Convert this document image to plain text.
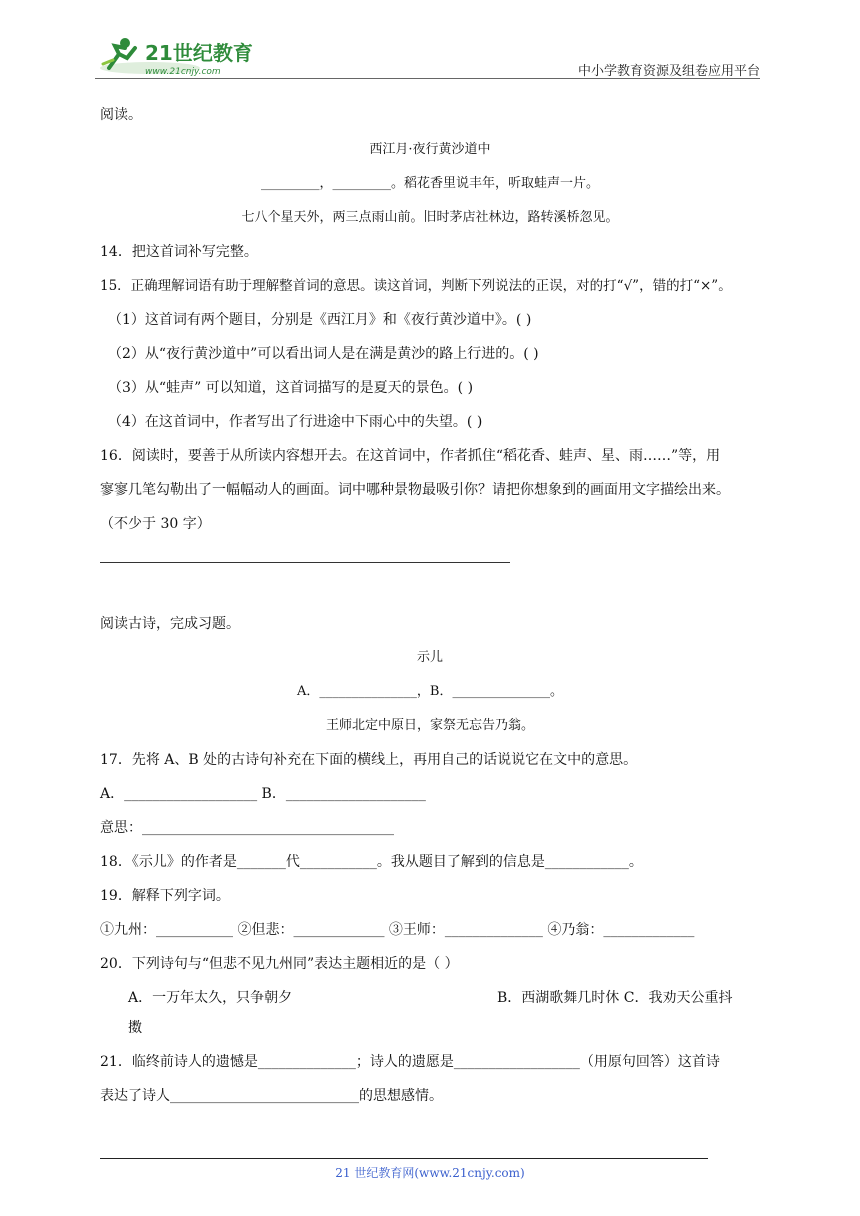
21世纪教育
www.21cnjy.com	中小学教育资源及组卷应用平台
阅读。
西江月·夜行黄沙道中
_________，_________。稻花香里说丰年，听取蛙声一片。
七八个星天外，两三点雨山前。旧时茅店社林边，路转溪桥忽见。
14．把这首词补写完整。
15．正确理解词语有助于理解整首词的意思。读这首词，判断下列说法的正误，对的打“√”，错的打“×”。
（1）这首词有两个题目，分别是《西江月》和《夜行黄沙道中》。( )
（2）从“夜行黄沙道中”可以看出词人是在满是黄沙的路上行进的。( )
（3）从“蛙声” 可以知道，这首词描写的是夏天的景色。( )
（4）在这首词中，作者写出了行进途中下雨心中的失望。( )
16．阅读时，要善于从所读内容想开去。在这首词中，作者抓住“稻花香、蛙声、星、雨……”等，用
寥寥几笔勾勒出了一幅幅动人的画面。词中哪种景物最吸引你？请把你想象到的画面用文字描绘出来。
（不少于 30 字）
阅读古诗，完成习题。
示儿
A．_______________，B．_______________。
王师北定中原日，家祭无忘告乃翁。
17．先将 A、B 处的古诗句补充在下面的横线上，再用自己的话说说它在文中的意思。
A．___________________ B．____________________
意思：____________________________________
18．《示儿》的作者是_______代___________。我从题目了解到的信息是____________。
19．解释下列字词。
①九州：___________ ②但悲：_____________ ③王师：______________ ④乃翁：_____________
20．下列诗句与“但悲不见九州同”表达主题相近的是（ ）
A．一万年太久，只争朝夕	B．西湖歌舞几时休 C．我劝天公重抖
擞
21．临终前诗人的遗憾是______________；诗人的遗愿是__________________（用原句回答）这首诗
表达了诗人___________________________的思想感情。
21 世纪教育网(www.21cnjy.com)
